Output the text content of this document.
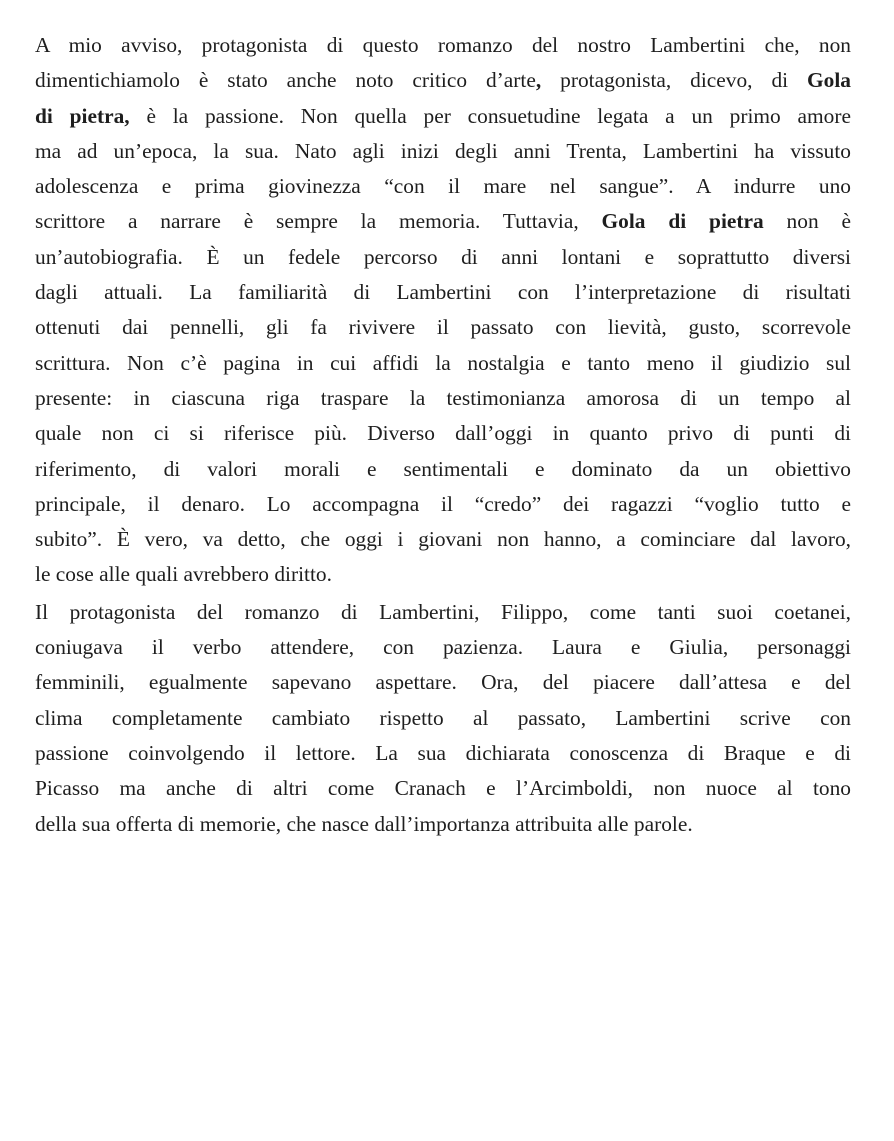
A mio avviso, protagonista di questo romanzo del nostro Lambertini che, non
dimentichiamolo è stato anche noto critico d’arte, protagonista, dicevo, di Gola
di pietra, è la passione. Non quella per consuetudine legata a un primo amore
ma ad un’epoca, la sua. Nato agli inizi degli anni Trenta, Lambertini ha vissuto
adolescenza e prima giovinezza “con il mare nel sangue”. A indurre uno
scrittore a narrare è sempre la memoria. Tuttavia, Gola di pietra non è
un’autobiografia. È un fedele percorso di anni lontani e soprattutto diversi
dagli attuali. La familiarità di Lambertini con l’interpretazione di risultati
ottenuti dai pennelli, gli fa rivivere il passato con lievità, gusto, scorrevole
scrittura. Non c’è pagina in cui affidi la nostalgia e tanto meno il giudizio sul
presente: in ciascuna riga traspare la testimonianza amorosa di un tempo al
quale non ci si riferisce più. Diverso dall’oggi in quanto privo di punti di
riferimento, di valori morali e sentimentali e dominato da un obiettivo
principale, il denaro. Lo accompagna il “credo” dei ragazzi “voglio tutto e
subito”. È vero, va detto, che oggi i giovani non hanno, a cominciare dal lavoro,
le cose alle quali avrebbero diritto.
Il protagonista del romanzo di Lambertini, Filippo, come tanti suoi coetanei,
coniugava il verbo attendere, con pazienza. Laura e Giulia, personaggi
femminili, egualmente sapevano aspettare. Ora, del piacere dall’attesa e del
clima completamente cambiato rispetto al passato, Lambertini scrive con
passione coinvolgendo il lettore. La sua dichiarata conoscenza di Braque e di
Picasso ma anche di altri come Cranach e l’Arcimboldi, non nuoce al tono
della sua offerta di memorie, che nasce dall’importanza attribuita alle parole.
